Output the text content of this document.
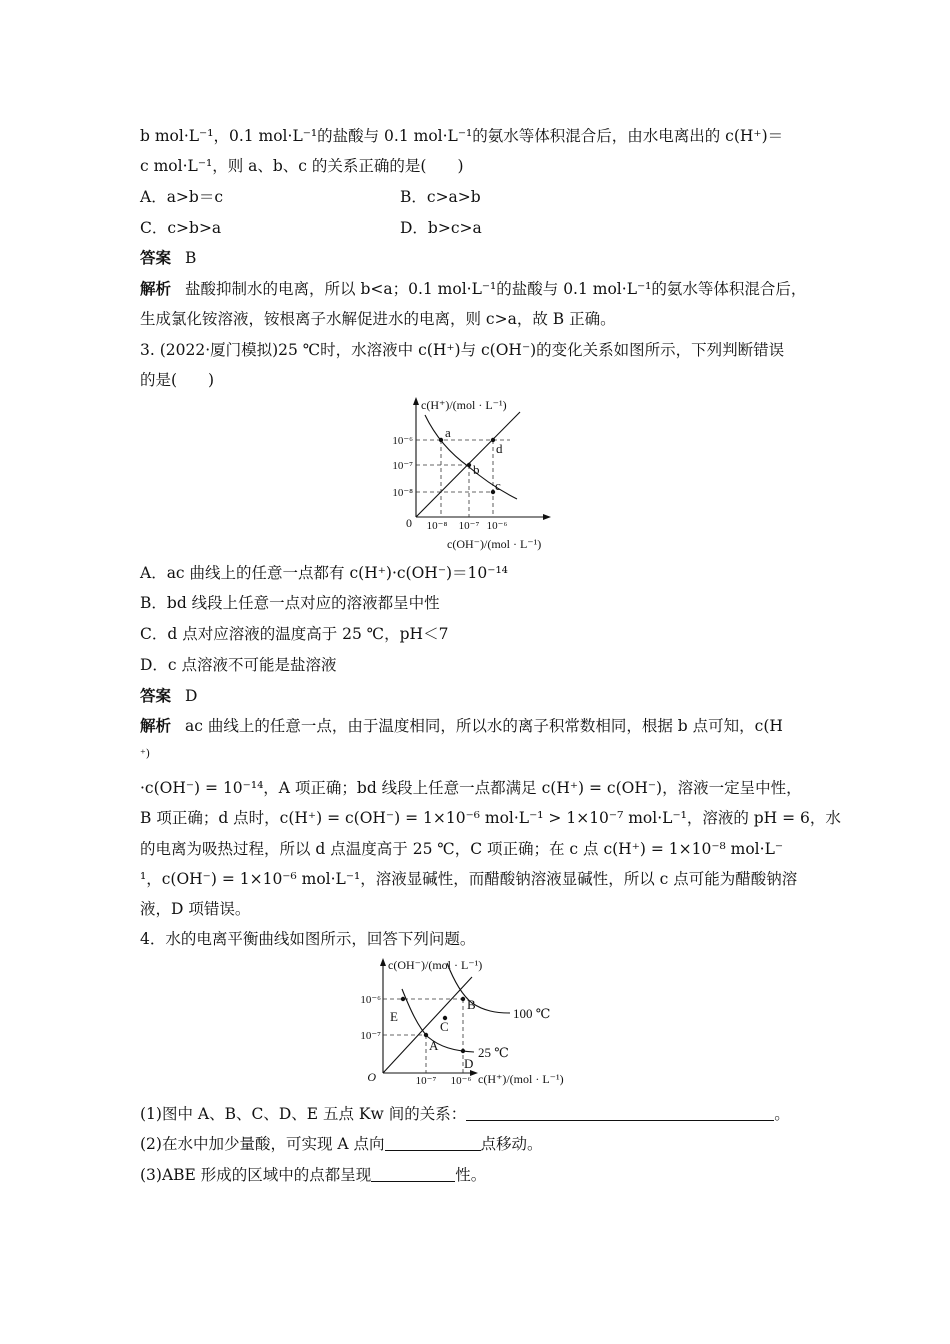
b mol·L⁻¹，0.1 mol·L⁻¹的盐酸与 0.1 mol·L⁻¹的氨水等体积混合后，由水电离出的 c(H⁺)＝
c mol·L⁻¹，则 a、b、c 的关系正确的是(　　)
A．a>b＝c	B．c>a>b
C．c>b>a	D．b>c>a
答案 B
解析 盐酸抑制水的电离，所以 b<a；0.1 mol·L⁻¹的盐酸与 0.1 mol·L⁻¹的氨水等体积混合后，
生成氯化铵溶液，铵根离子水解促进水的电离，则 c>a，故 B 正确。
3. (2022·厦门模拟)25 ℃时，水溶液中 c(H⁺)与 c(OH⁻)的变化关系如图所示，下列判断错误
的是(　　)
c(H⁺)/(mol · L⁻¹)
c(OH⁻)/(mol · L⁻¹)
0
10⁻⁶
10⁻⁷
10⁻⁸
10⁻⁸ 10⁻⁷ 10⁻⁶
a
b
c
d
A．ac 曲线上的任意一点都有 c(H⁺)·c(OH⁻)＝10⁻¹⁴
B．bd 线段上任意一点对应的溶液都呈中性
C．d 点对应溶液的温度高于 25 ℃，pH＜7
D．c 点溶液不可能是盐溶液
答案 D
解析 ac 曲线上的任意一点，由于温度相同，所以水的离子积常数相同，根据 b 点可知，c(H
⁺)
·c(OH⁻) = 10⁻¹⁴，A 项正确；bd 线段上任意一点都满足 c(H⁺) = c(OH⁻)，溶液一定呈中性，
B 项正确；d 点时，c(H⁺) = c(OH⁻) = 1×10⁻⁶ mol·L⁻¹ > 1×10⁻⁷ mol·L⁻¹，溶液的 pH = 6，水
的电离为吸热过程，所以 d 点温度高于 25 ℃，C 项正确；在 c 点 c(H⁺) = 1×10⁻⁸ mol·L⁻
¹，c(OH⁻) = 1×10⁻⁶ mol·L⁻¹，溶液显碱性，而醋酸钠溶液显碱性，所以 c 点可能为醋酸钠溶
液，D 项错误。
4．水的电离平衡曲线如图所示，回答下列问题。
c(OH⁻)/(mol · L⁻¹)
c(H⁺)/(mol · L⁻¹)
O
10⁻⁶
10⁻⁷
10⁻⁷ 10⁻⁶
A
B
C
D
E	100 ℃
25 ℃
(1)图中 A、B、C、D、E 五点 Kw 间的关系：	。
(2)在水中加少量酸，可实现 A 点向	点移动。
(3)ABE 形成的区域中的点都呈现	性。
